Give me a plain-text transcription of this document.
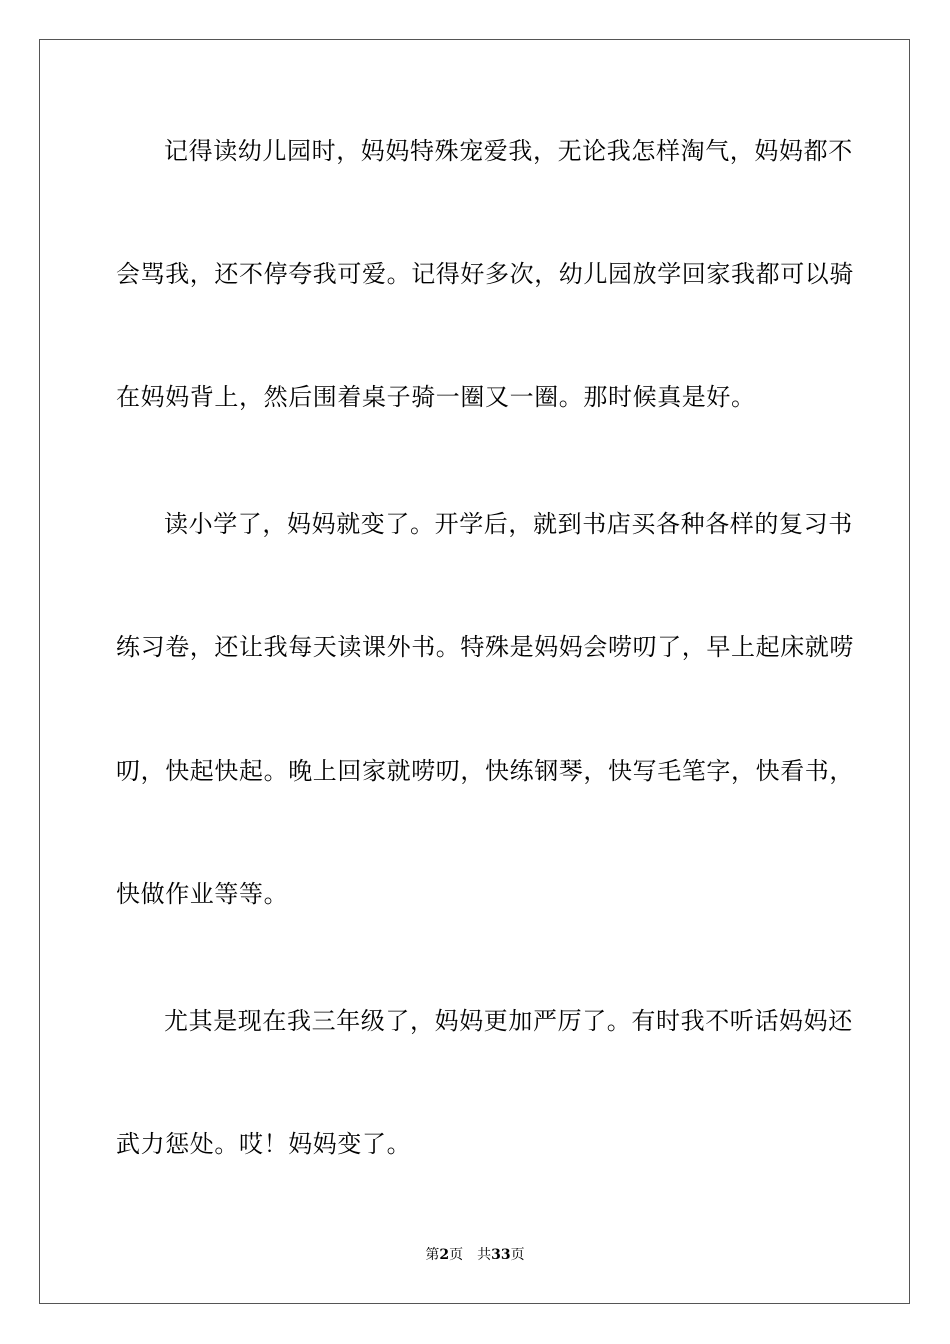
记得读幼儿园时，妈妈特殊宠爱我，无论我怎样淘气，妈妈都不
会骂我，还不停夸我可爱。记得好多次，幼儿园放学回家我都可以骑
在妈妈背上，然后围着桌子骑一圈又一圈。那时候真是好。
读小学了，妈妈就变了。开学后，就到书店买各种各样的复习书
练习卷，还让我每天读课外书。特殊是妈妈会唠叨了，早上起床就唠
叨，快起快起。晚上回家就唠叨，快练钢琴，快写毛笔字，快看书，
快做作业等等。
尤其是现在我三年级了，妈妈更加严厉了。有时我不听话妈妈还
武力惩处。哎！妈妈变了。
第2页 共33页
